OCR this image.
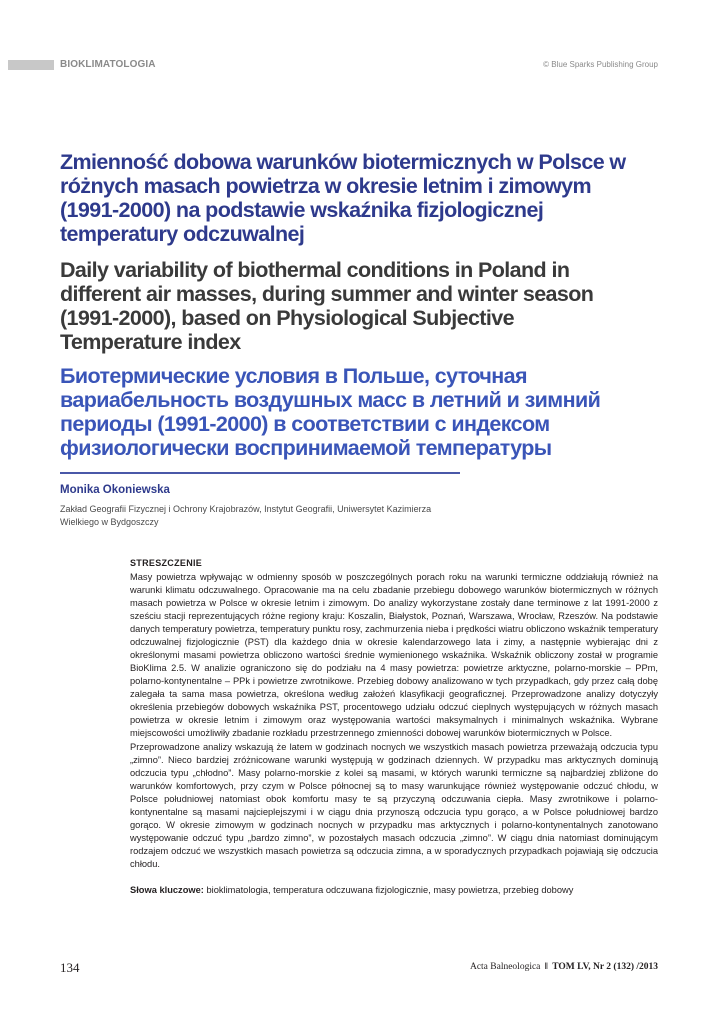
BIOKLIMATOLOGIA	© Blue Sparks Publishing Group
Zmienność dobowa warunków biotermicznych w Polsce w różnych masach powietrza w okresie letnim i zimowym (1991-2000) na podstawie wskaźnika fizjologicznej temperatury odczuwalnej
Daily variability of biothermal conditions in Poland in different air masses, during summer and winter season (1991-2000), based on Physiological Subjective Temperature index
Биотермические условия в Польше, суточная вариабельность воздушных масс в летний и зимний периоды (1991-2000) в соответствии с индексом физиологически воспринимаемой температуры
Monika Okoniewska
Zakład Geografii Fizycznej i Ochrony Krajobrazów, Instytut Geografii, Uniwersytet Kazimierza Wielkiego w Bydgoszczy
STRESZCZENIE

Masy powietrza wpływając w odmienny sposób w poszczególnych porach roku na warunki termiczne oddziałują również na warunki klimatu odczuwalnego. Opracowanie ma na celu zbadanie przebiegu dobowego warunków biotermicznych w różnych masach powietrza w Polsce w okresie letnim i zimowym. Do analizy wykorzystane zostały dane terminowe z lat 1991-2000 z sześciu stacji reprezentujących różne regiony kraju: Koszalin, Białystok, Poznań, Warszawa, Wrocław, Rzeszów. Na podstawie danych temperatury powietrza, temperatury punktu rosy, zachmurzenia nieba i prędkości wiatru obliczono wskaźnik temperatury odczuwalnej fizjologicznie (PST) dla każdego dnia w okresie kalendarzowego lata i zimy, a następnie wybierając dni z określonymi masami powietrza obliczono wartości średnie wymienionego wskaźnika. Wskaźnik obliczony został w programie BioKlima 2.5. W analizie ograniczono się do podziału na 4 masy powietrza: powietrze arktyczne, polarno-morskie – PPm, polarno-kontynentalne – PPk i powietrze zwrotnikowe. Przebieg dobowy analizowano w tych przypadkach, gdy przez całą dobę zalegała ta sama masa powietrza, określona według założeń klasyfikacji geograficznej. Przeprowadzone analizy dotyczyły określenia przebiegów dobowych wskaźnika PST, procentowego udziału odczuć cieplnych występujących w różnych masach powietrza w okresie letnim i zimowym oraz występowania wartości maksymalnych i minimalnych wskaźnika. Wybrane miejscowości umożliwiły zbadanie rozkładu przestrzennego zmienności dobowej warunków biotermicznych w Polsce.

Przeprowadzone analizy wskazują że latem w godzinach nocnych we wszystkich masach powietrza przeważają odczucia typu „zimno”. Nieco bardziej zróżnicowane warunki występują w godzinach dziennych. W przypadku mas arktycznych dominują odczucia typu „chłodno”. Masy polarno-morskie z kolei są masami, w których warunki termiczne są najbardziej zbliżone do warunków komfortowych, przy czym w Polsce północnej są to masy warunkujące również występowanie odczuć chłodu, w Polsce południowej natomiast obok komfortu masy te są przyczyną odczuwania ciepła. Masy zwrotnikowe i polarno-kontynentalne są masami najcieplejszymi i w ciągu dnia przynoszą odczucia typu gorąco, a w Polsce południowej bardzo gorąco. W okresie zimowym w godzinach nocnych w przypadku mas arktycznych i polarno-kontynentalnych zanotowano występowanie odczuć typu „bardzo zimno”, w pozostałych masach odczucia „zimno”. W ciągu dnia natomiast dominującym rodzajem odczuć we wszystkich masach powietrza są odczucia zimna, a w sporadycznych przypadkach pojawiają się odczucia chłodu.

Słowa kluczowe: bioklimatologia, temperatura odczuwana fizjologicznie, masy powietrza, przebieg dobowy

134	Acta Balneologica ‖ TOM LV, Nr 2 (132) /2013
